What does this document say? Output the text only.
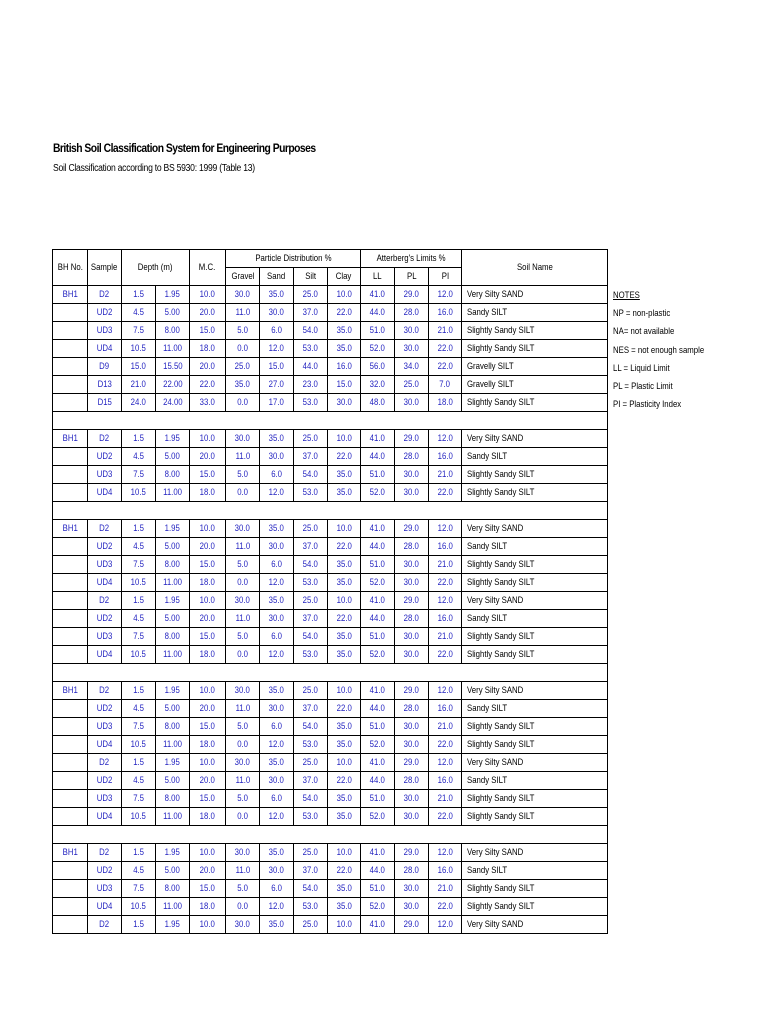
British Soil Classification System for Engineering Purposes
Soil Classification according to BS 5930: 1999 (Table 13)
BH No.	Sample	Depth (m)		M.C.	Particle Distribution %				Atterberg's Limits %			Soil Name
					Gravel	Sand	Silt	Clay	LL	PL	PI	
BH1	D2	1.5	1.95	10.0	30.0	35.0	25.0	10.0	41.0	29.0	12.0	Very Silty SAND
	UD2	4.5	5.00	20.0	11.0	30.0	37.0	22.0	44.0	28.0	16.0	Sandy SILT
	UD3	7.5	8.00	15.0	5.0	6.0	54.0	35.0	51.0	30.0	21.0	Slightly Sandy SILT
	UD4	10.5	11.00	18.0	0.0	12.0	53.0	35.0	52.0	30.0	22.0	Slightly Sandy SILT
	D9	15.0	15.50	20.0	25.0	15.0	44.0	16.0	56.0	34.0	22.0	Gravelly SILT
	D13	21.0	22.00	22.0	35.0	27.0	23.0	15.0	32.0	25.0	7.0	Gravelly SILT
	D15	24.0	24.00	33.0	0.0	17.0	53.0	30.0	48.0	30.0	18.0	Slightly Sandy SILT

BH1	D2	1.5	1.95	10.0	30.0	35.0	25.0	10.0	41.0	29.0	12.0	Very Silty SAND
	UD2	4.5	5.00	20.0	11.0	30.0	37.0	22.0	44.0	28.0	16.0	Sandy SILT
	UD3	7.5	8.00	15.0	5.0	6.0	54.0	35.0	51.0	30.0	21.0	Slightly Sandy SILT
	UD4	10.5	11.00	18.0	0.0	12.0	53.0	35.0	52.0	30.0	22.0	Slightly Sandy SILT

BH1	D2	1.5	1.95	10.0	30.0	35.0	25.0	10.0	41.0	29.0	12.0	Very Silty SAND
	UD2	4.5	5.00	20.0	11.0	30.0	37.0	22.0	44.0	28.0	16.0	Sandy SILT
	UD3	7.5	8.00	15.0	5.0	6.0	54.0	35.0	51.0	30.0	21.0	Slightly Sandy SILT
	UD4	10.5	11.00	18.0	0.0	12.0	53.0	35.0	52.0	30.0	22.0	Slightly Sandy SILT
	D2	1.5	1.95	10.0	30.0	35.0	25.0	10.0	41.0	29.0	12.0	Very Silty SAND
	UD2	4.5	5.00	20.0	11.0	30.0	37.0	22.0	44.0	28.0	16.0	Sandy SILT
	UD3	7.5	8.00	15.0	5.0	6.0	54.0	35.0	51.0	30.0	21.0	Slightly Sandy SILT
	UD4	10.5	11.00	18.0	0.0	12.0	53.0	35.0	52.0	30.0	22.0	Slightly Sandy SILT

BH1	D2	1.5	1.95	10.0	30.0	35.0	25.0	10.0	41.0	29.0	12.0	Very Silty SAND
	UD2	4.5	5.00	20.0	11.0	30.0	37.0	22.0	44.0	28.0	16.0	Sandy SILT
	UD3	7.5	8.00	15.0	5.0	6.0	54.0	35.0	51.0	30.0	21.0	Slightly Sandy SILT
	UD4	10.5	11.00	18.0	0.0	12.0	53.0	35.0	52.0	30.0	22.0	Slightly Sandy SILT
	D2	1.5	1.95	10.0	30.0	35.0	25.0	10.0	41.0	29.0	12.0	Very Silty SAND
	UD2	4.5	5.00	20.0	11.0	30.0	37.0	22.0	44.0	28.0	16.0	Sandy SILT
	UD3	7.5	8.00	15.0	5.0	6.0	54.0	35.0	51.0	30.0	21.0	Slightly Sandy SILT
	UD4	10.5	11.00	18.0	0.0	12.0	53.0	35.0	52.0	30.0	22.0	Slightly Sandy SILT

BH1	D2	1.5	1.95	10.0	30.0	35.0	25.0	10.0	41.0	29.0	12.0	Very Silty SAND
	UD2	4.5	5.00	20.0	11.0	30.0	37.0	22.0	44.0	28.0	16.0	Sandy SILT
	UD3	7.5	8.00	15.0	5.0	6.0	54.0	35.0	51.0	30.0	21.0	Slightly Sandy SILT
	UD4	10.5	11.00	18.0	0.0	12.0	53.0	35.0	52.0	30.0	22.0	Slightly Sandy SILT
	D2	1.5	1.95	10.0	30.0	35.0	25.0	10.0	41.0	29.0	12.0	Very Silty SAND
NOTES
NP = non-plastic
NA= not available
NES = not enough sample
LL = Liquid Limit
PL = Plastic Limit
PI = Plasticity Index
